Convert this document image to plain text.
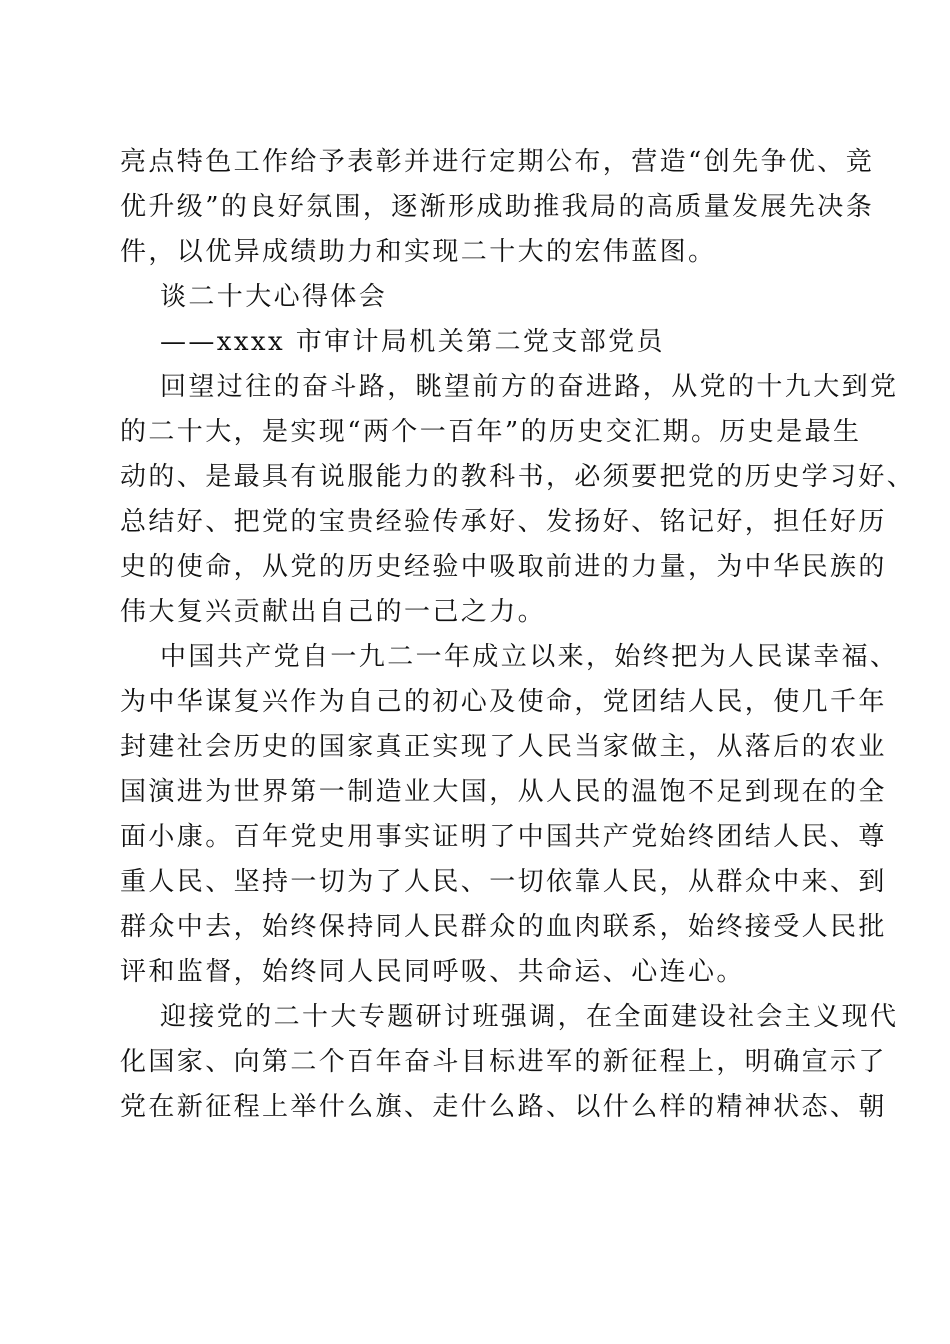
亮点特色工作给予表彰并进行定期公布，营造“创先争优、竞
优升级”的良好氛围，逐渐形成助推我局的高质量发展先决条
件，以优异成绩助力和实现二十大的宏伟蓝图。
谈二十大心得体会
——xxxx 市审计局机关第二党支部党员
回望过往的奋斗路，眺望前方的奋进路，从党的十九大到党
的二十大，是实现“两个一百年”的历史交汇期。历史是最生
动的、是最具有说服能力的教科书，必须要把党的历史学习好、
总结好、把党的宝贵经验传承好、发扬好、铭记好，担任好历
史的使命，从党的历史经验中吸取前进的力量，为中华民族的
伟大复兴贡献出自己的一己之力。
中国共产党自一九二一年成立以来，始终把为人民谋幸福、
为中华谋复兴作为自己的初心及使命，党团结人民，使几千年
封建社会历史的国家真正实现了人民当家做主，从落后的农业
国演进为世界第一制造业大国，从人民的温饱不足到现在的全
面小康。百年党史用事实证明了中国共产党始终团结人民、尊
重人民、坚持一切为了人民、一切依靠人民，从群众中来、到
群众中去，始终保持同人民群众的血肉联系，始终接受人民批
评和监督，始终同人民同呼吸、共命运、心连心。
迎接党的二十大专题研讨班强调，在全面建设社会主义现代
化国家、向第二个百年奋斗目标进军的新征程上，明确宣示了
党在新征程上举什么旗、走什么路、以什么样的精神状态、朝
